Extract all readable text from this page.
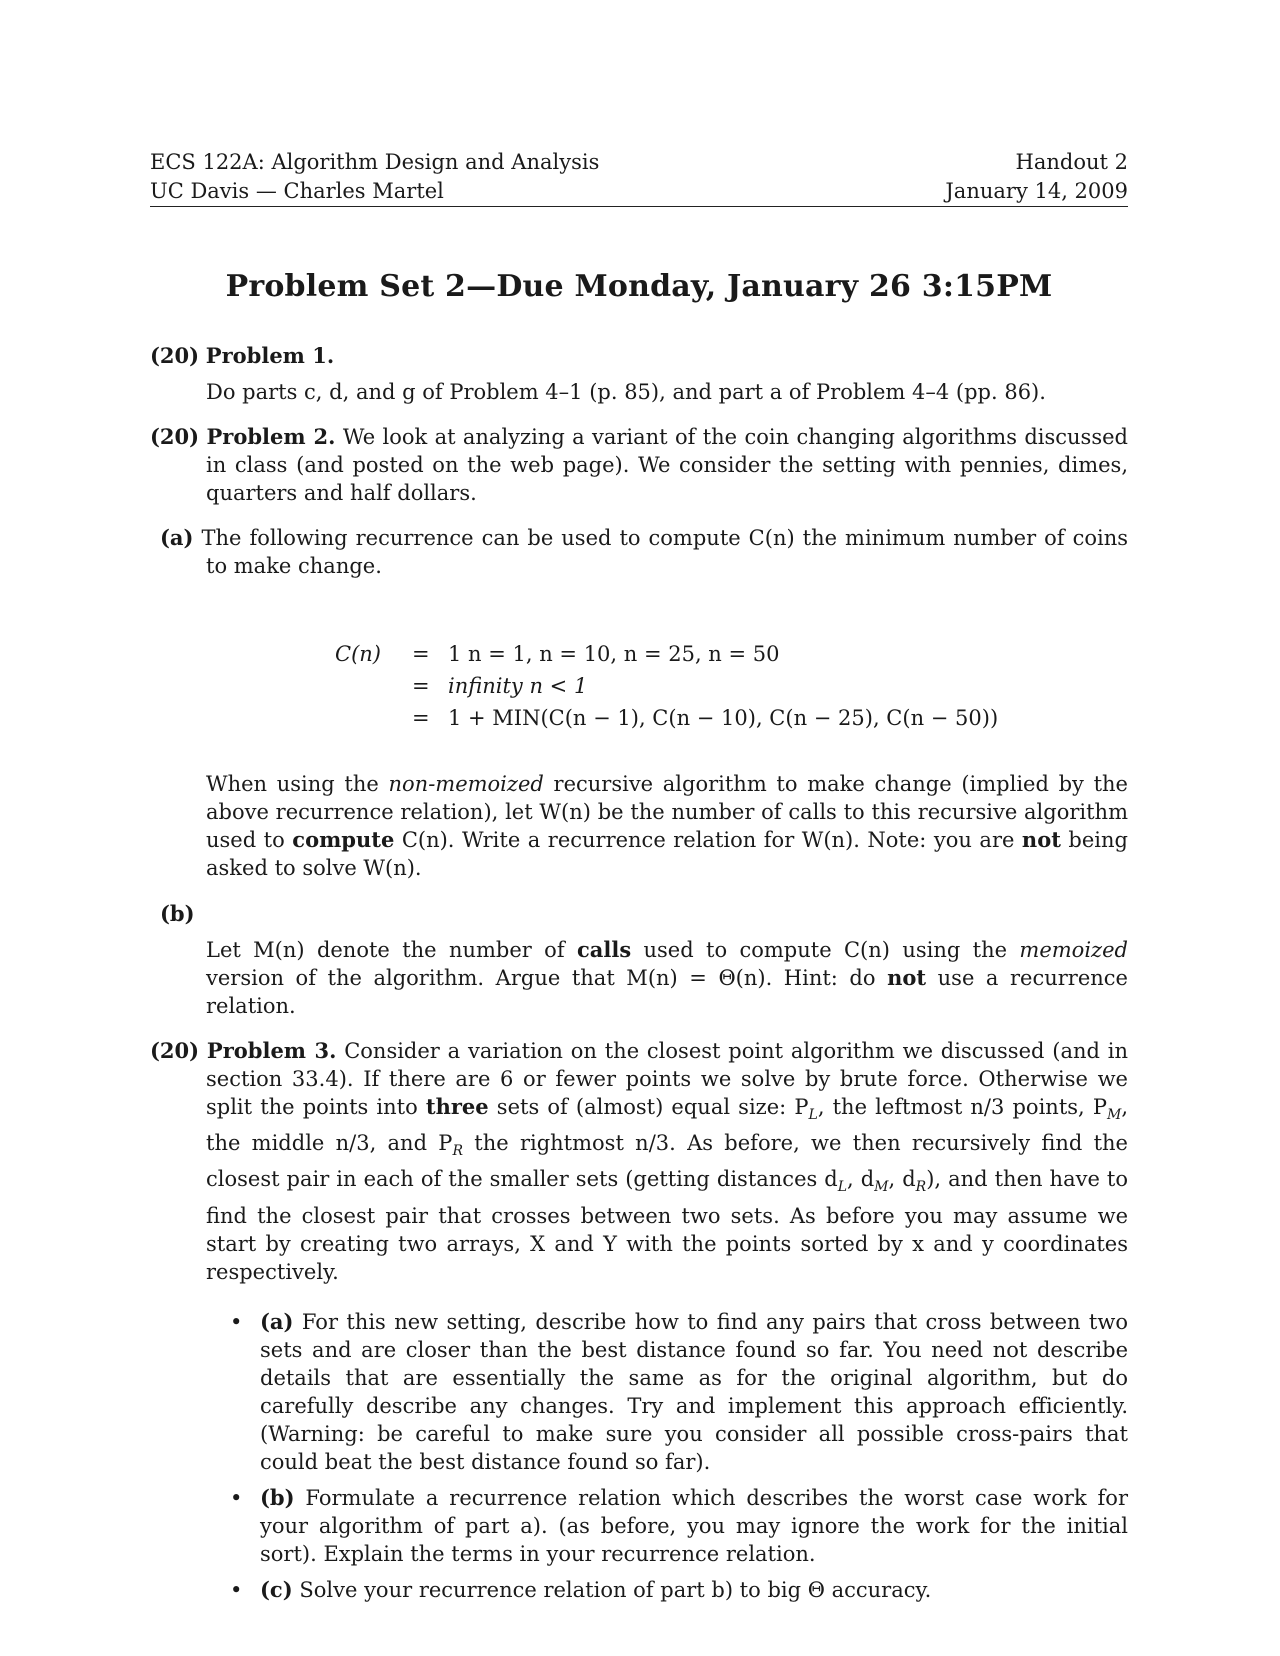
ECS 122A: Algorithm Design and Analysis
UC Davis — Charles Martel
Handout 2
January 14, 2009
Problem Set 2—Due Monday, January 26 3:15PM
(20) Problem 1.
Do parts c, d, and g of Problem 4–1 (p. 85), and part a of Problem 4–4 (pp. 86).
(20) Problem 2. We look at analyzing a variant of the coin changing algorithms discussed in class (and posted on the web page). We consider the setting with pennies, dimes, quarters and half dollars.
(a) The following recurrence can be used to compute C(n) the minimum number of coins to make change.
C(n) = 1 n = 1, n = 10, n = 25, n = 50
= infinity n < 1
= 1 + MIN(C(n − 1), C(n − 10), C(n − 25), C(n − 50))
When using the non-memoized recursive algorithm to make change (implied by the above recurrence relation), let W(n) be the number of calls to this recursive algorithm used to compute C(n). Write a recurrence relation for W(n). Note: you are not being asked to solve W(n).
(b)
Let M(n) denote the number of calls used to compute C(n) using the memoized version of the algorithm. Argue that M(n) = Θ(n). Hint: do not use a recurrence relation.
(20) Problem 3. Consider a variation on the closest point algorithm we discussed (and in section 33.4). If there are 6 or fewer points we solve by brute force. Otherwise we split the points into three sets of (almost) equal size: $P_L$, the leftmost n/3 points, $P_M$, the middle n/3, and $P_R$ the rightmost n/3. As before, we then recursively find the closest pair in each of the smaller sets (getting distances $d_L$, $d_M$, $d_R$), and then have to find the closest pair that crosses between two sets. As before you may assume we start by creating two arrays, X and Y with the points sorted by x and y coordinates respectively.
• (a) For this new setting, describe how to find any pairs that cross between two sets and are closer than the best distance found so far. You need not describe details that are essentially the same as for the original algorithm, but do carefully describe any changes. Try and implement this approach efficiently.(Warning: be careful to make sure you consider all possible cross-pairs that could beat the best distance found so far).
• (b) Formulate a recurrence relation which describes the worst case work for your algorithm of part a). (as before, you may ignore the work for the initial sort). Explain the terms in your recurrence relation.
• (c) Solve your recurrence relation of part b) to big Θ accuracy.
